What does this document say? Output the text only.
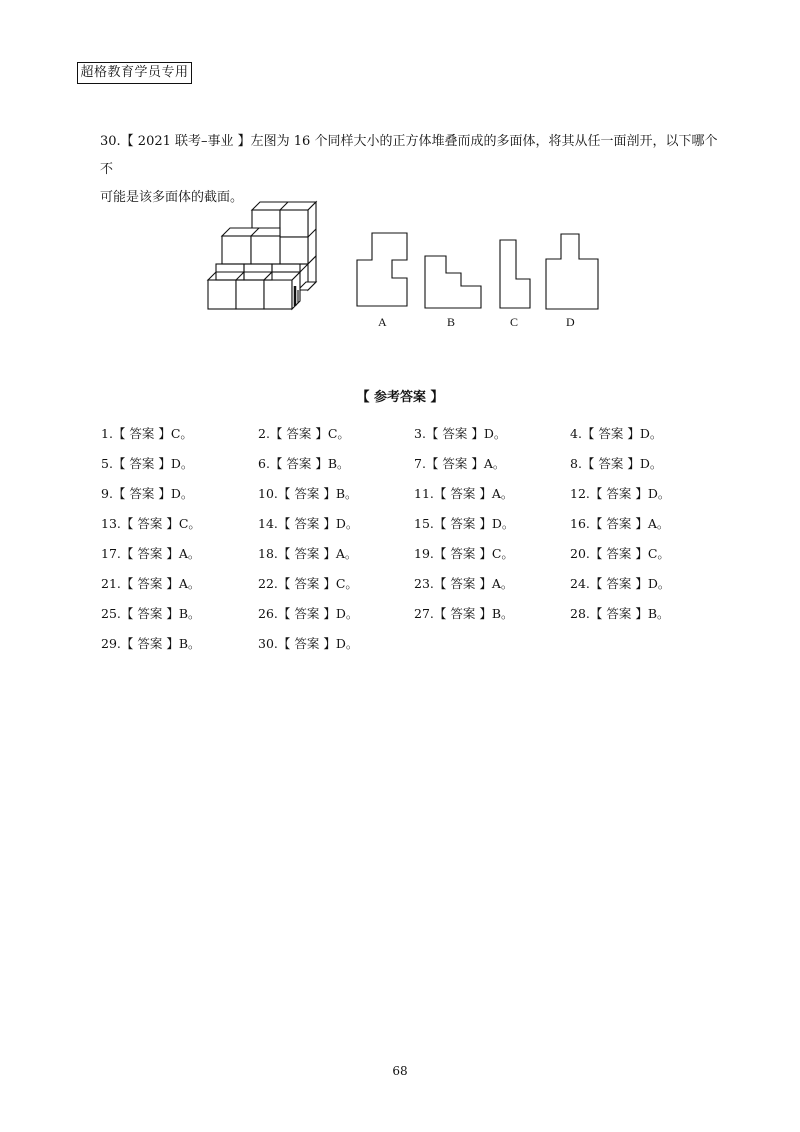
超格教育学员专用
30.【 2021 联考–事业 】左图为 16 个同样大小的正方体堆叠而成的多面体，将其从任一面剖开，以下哪个不
可能是该多面体的截面。
A	B	C	D
【 参考答案 】
1.【 答案 】C。	2.【 答案 】C。	3.【 答案 】D。	4.【 答案 】D。
5.【 答案 】D。	6.【 答案 】B。	7.【 答案 】A。	8.【 答案 】D。
9.【 答案 】D。	10.【 答案 】B。	11.【 答案 】A。	12.【 答案 】D。
13.【 答案 】C。	14.【 答案 】D。	15.【 答案 】D。	16.【 答案 】A。
17.【 答案 】A。	18.【 答案 】A。	19.【 答案 】C。	20.【 答案 】C。
21.【 答案 】A。	22.【 答案 】C。	23.【 答案 】A。	24.【 答案 】D。
25.【 答案 】B。	26.【 答案 】D。	27.【 答案 】B。	28.【 答案 】B。
29.【 答案 】B。	30.【 答案 】D。
68
